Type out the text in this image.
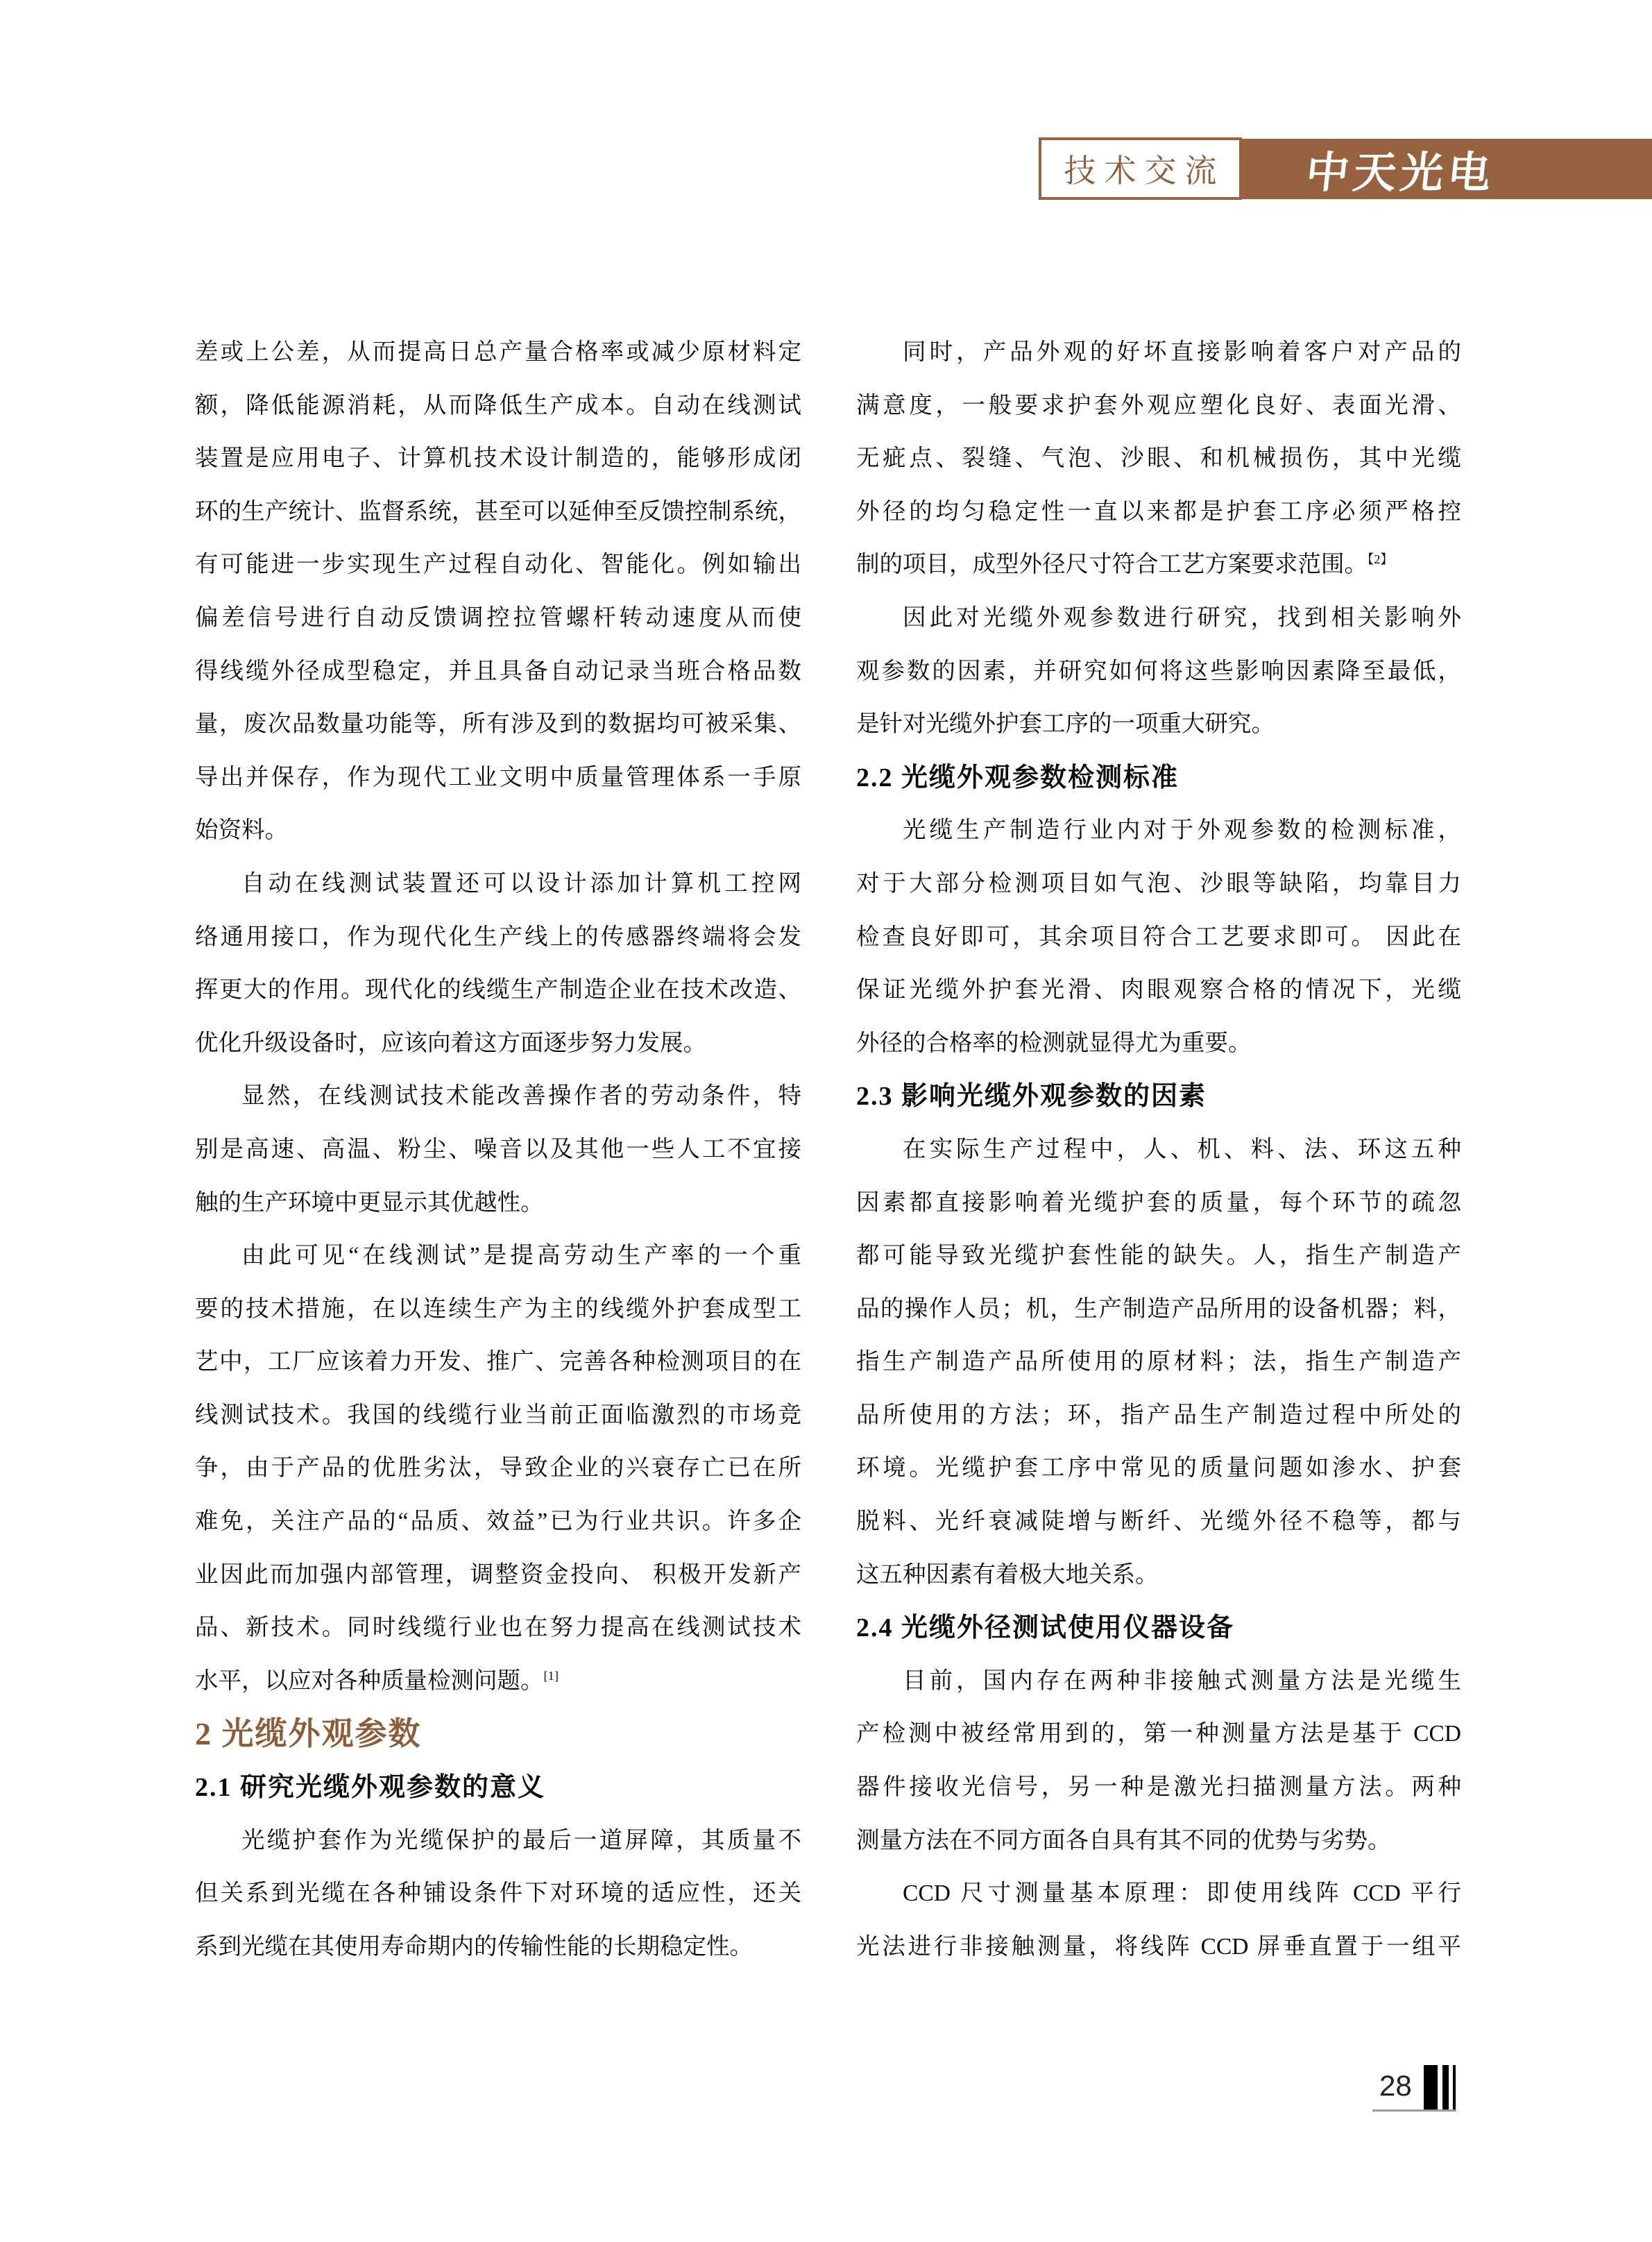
技术交流	中天光电
差或上公差，从而提高日总产量合格率或减少原材料定
额，降低能源消耗，从而降低生产成本。自动在线测试
装置是应用电子、计算机技术设计制造的，能够形成闭
环的生产统计、监督系统，甚至可以延伸至反馈控制系统，
有可能进一步实现生产过程自动化、智能化。例如输出
偏差信号进行自动反馈调控拉管螺杆转动速度从而使
得线缆外径成型稳定，并且具备自动记录当班合格品数
量，废次品数量功能等，所有涉及到的数据均可被采集、
导出并保存，作为现代工业文明中质量管理体系一手原
始资料。
自动在线测试装置还可以设计添加计算机工控网
络通用接口，作为现代化生产线上的传感器终端将会发
挥更大的作用。现代化的线缆生产制造企业在技术改造、
优化升级设备时，应该向着这方面逐步努力发展。
显然，在线测试技术能改善操作者的劳动条件，特
别是高速、高温、粉尘、噪音以及其他一些人工不宜接
触的生产环境中更显示其优越性。
由此可见“在线测试”是提高劳动生产率的一个重
要的技术措施，在以连续生产为主的线缆外护套成型工
艺中，工厂应该着力开发、推广、完善各种检测项目的在
线测试技术。我国的线缆行业当前正面临激烈的市场竞
争，由于产品的优胜劣汰，导致企业的兴衰存亡已在所
难免，关注产品的“品质、效益”已为行业共识。许多企
业因此而加强内部管理，调整资金投向、 积极开发新产
品、新技术。同时线缆行业也在努力提高在线测试技术
水平，以应对各种质量检测问题。[1]
2 光缆外观参数
2.1 研究光缆外观参数的意义
光缆护套作为光缆保护的最后一道屏障，其质量不
但关系到光缆在各种铺设条件下对环境的适应性，还关
系到光缆在其使用寿命期内的传输性能的长期稳定性。
同时，产品外观的好坏直接影响着客户对产品的
满意度，一般要求护套外观应塑化良好、表面光滑、
无疵点、裂缝、气泡、沙眼、和机械损伤，其中光缆
外径的均匀稳定性一直以来都是护套工序必须严格控
制的项目，成型外径尺寸符合工艺方案要求范围。$^{【2】}$
因此对光缆外观参数进行研究，找到相关影响外
观参数的因素，并研究如何将这些影响因素降至最低，
是针对光缆外护套工序的一项重大研究。
2.2 光缆外观参数检测标准
光缆生产制造行业内对于外观参数的检测标准，
对于大部分检测项目如气泡、沙眼等缺陷，均靠目力
检查良好即可，其余项目符合工艺要求即可。 因此在
保证光缆外护套光滑、肉眼观察合格的情况下，光缆
外径的合格率的检测就显得尤为重要。
2.3 影响光缆外观参数的因素
在实际生产过程中，人、机、料、法、环这五种
因素都直接影响着光缆护套的质量，每个环节的疏忽
都可能导致光缆护套性能的缺失。人，指生产制造产
品的操作人员；机，生产制造产品所用的设备机器；料，
指生产制造产品所使用的原材料；法，指生产制造产
品所使用的方法；环，指产品生产制造过程中所处的
环境。光缆护套工序中常见的质量问题如渗水、护套
脱料、光纤衰减陡增与断纤、光缆外径不稳等，都与
这五种因素有着极大地关系。
2.4 光缆外径测试使用仪器设备
目前，国内存在两种非接触式测量方法是光缆生
产检测中被经常用到的，第一种测量方法是基于 CCD
器件接收光信号，另一种是激光扫描测量方法。两种
测量方法在不同方面各自具有其不同的优势与劣势。
CCD 尺寸测量基本原理：即使用线阵 CCD 平行
光法进行非接触测量，将线阵 CCD 屏垂直置于一组平
28
